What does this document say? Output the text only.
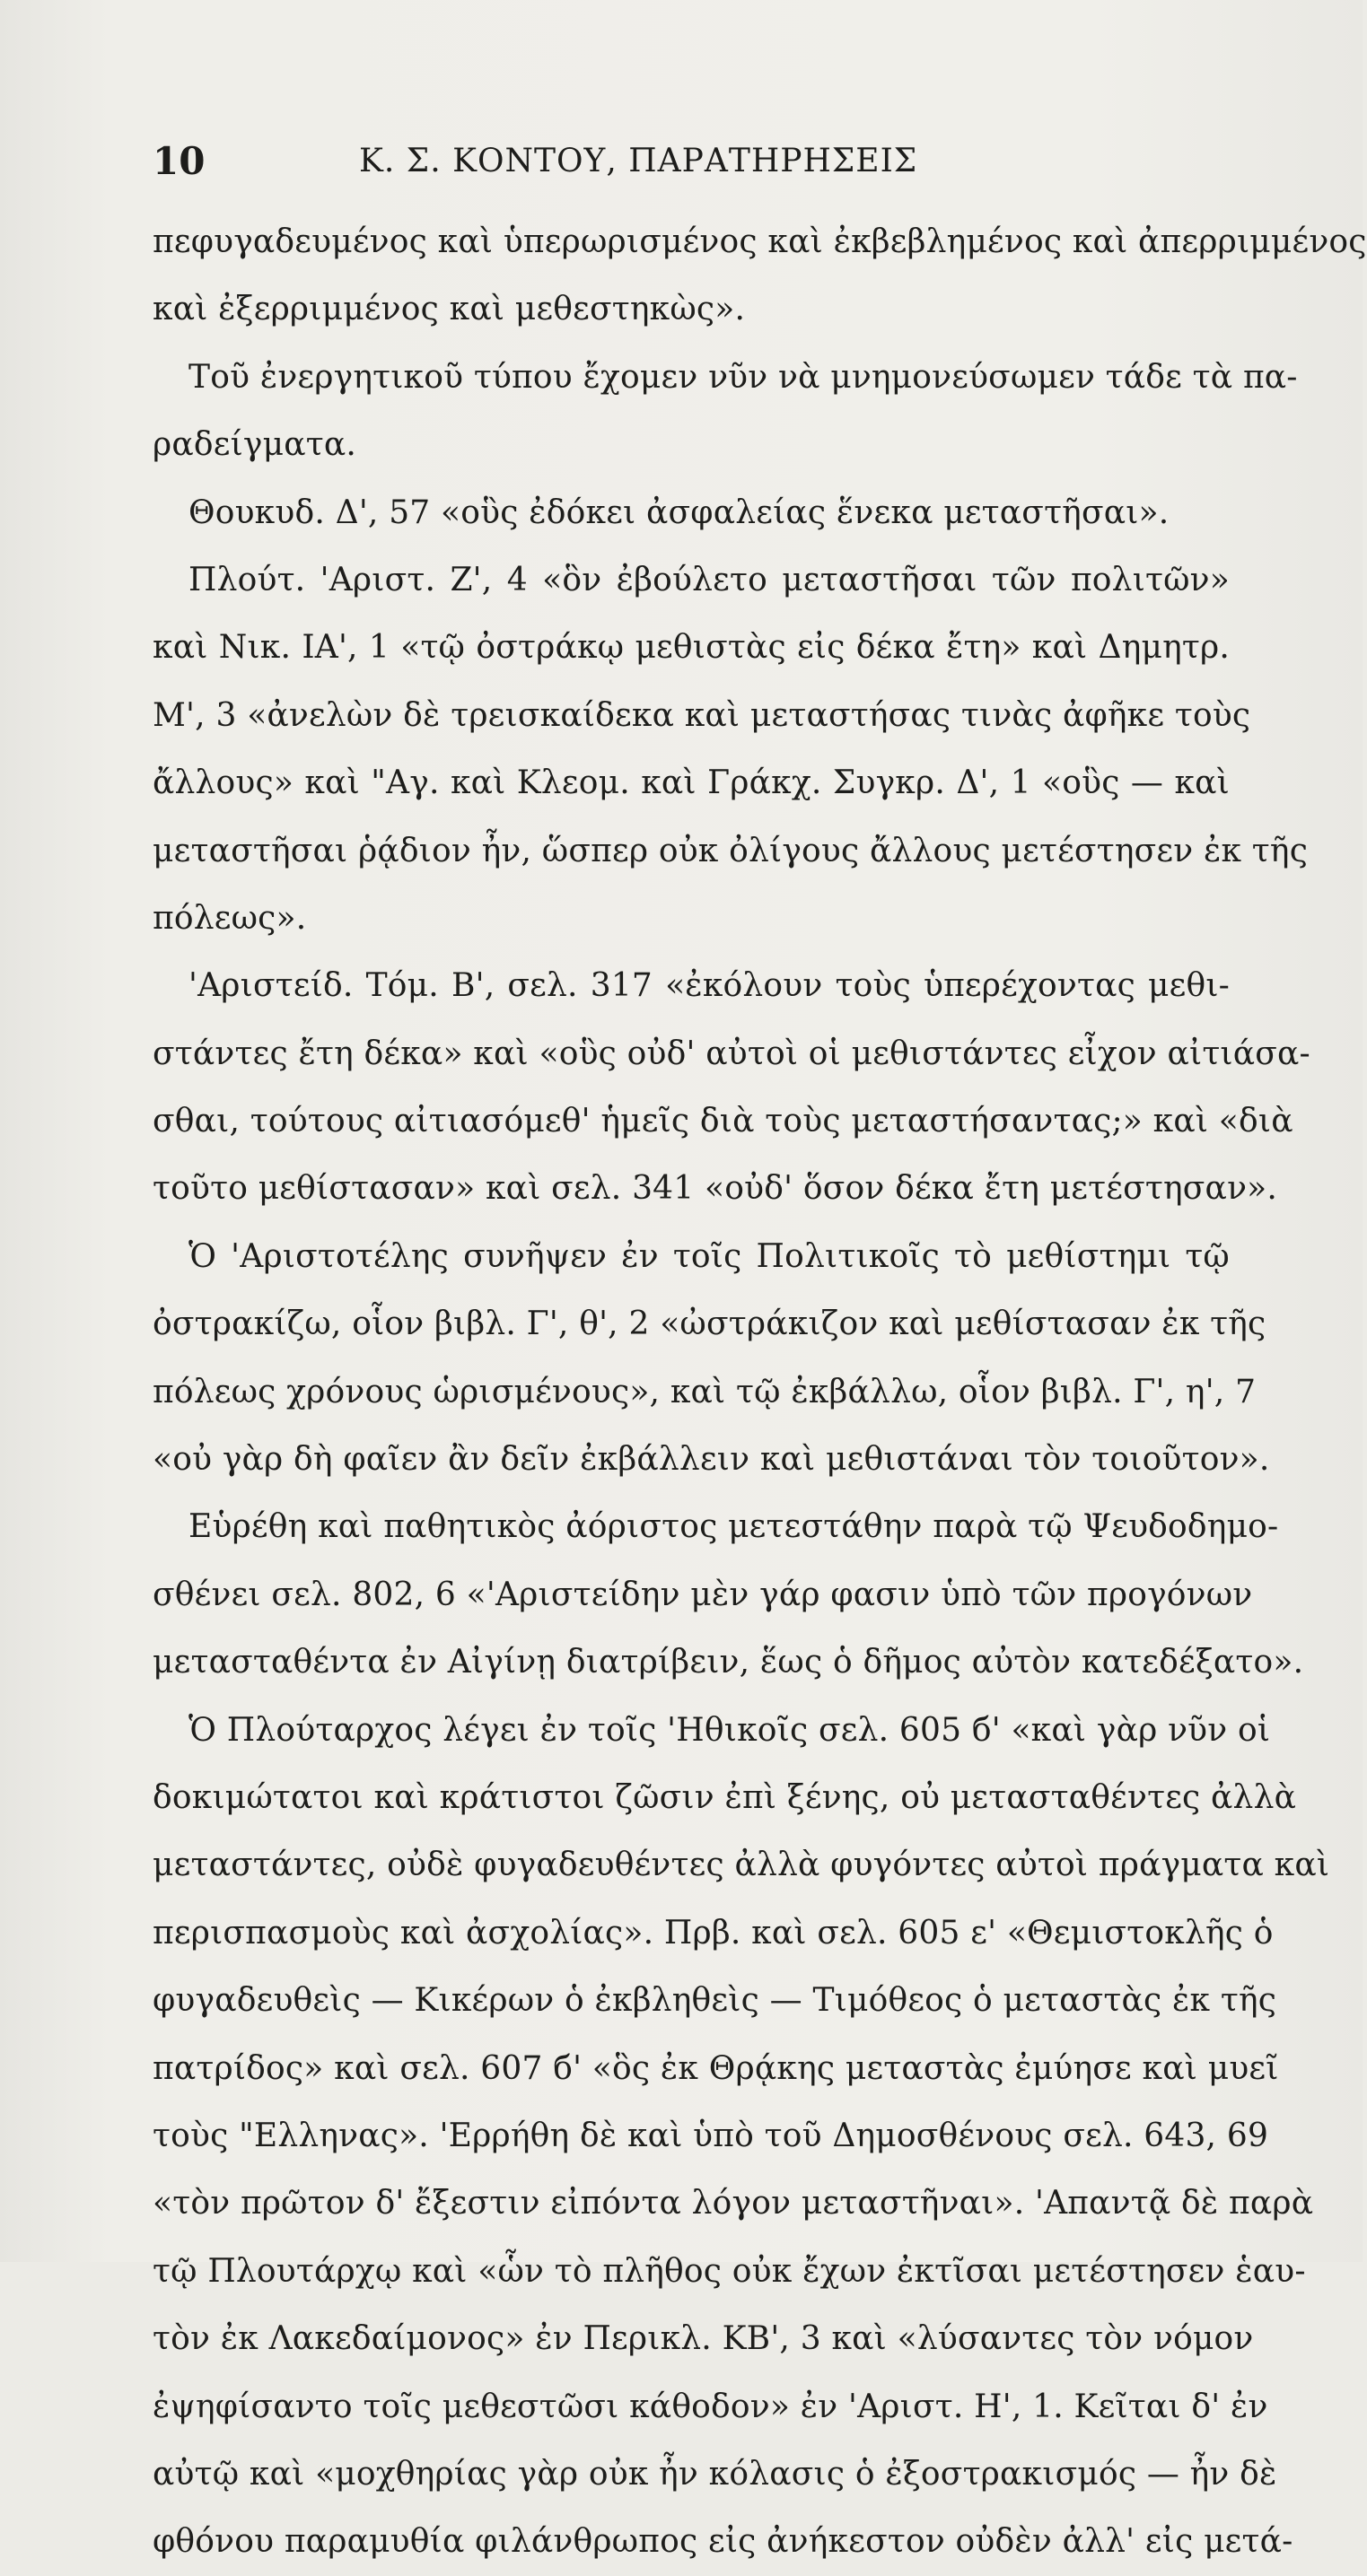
10	Κ. Σ. ΚΟΝΤΟΥ, ΠΑΡΑΤΗΡΗΣΕΙΣ
πεφυγαδευμένος καὶ ὑπερωρισμένος καὶ ἐκβεβλημένος καὶ ἀπερριμμένος
καὶ ἐξερριμμένος καὶ μεθεστηκὼς».
Τοῦ ἐνεργητικοῦ τύπου ἔχομεν νῦν νὰ μνημονεύσωμεν τάδε τὰ πα-
ραδείγματα.
Θουκυδ. Δ', 57 «οὓς ἐδόκει ἀσφαλείας ἕνεκα μεταστῆσαι».
Πλούτ. 'Αριστ. Ζ', 4 «ὃν ἐβούλετο μεταστῆσαι τῶν πολιτῶν»
καὶ Νικ. ΙΑ', 1 «τῷ ὀστράκῳ μεθιστὰς εἰς δέκα ἔτη» καὶ Δημητρ.
Μ', 3 «ἀνελὼν δὲ τρεισκαίδεκα καὶ μεταστήσας τινὰς ἀφῆκε τοὺς
ἄλλους» καὶ "Αγ. καὶ Κλεομ. καὶ Γράκχ. Συγκρ. Δ', 1 «οὓς — καὶ
μεταστῆσαι ῥᾴδιον ἦν, ὥσπερ οὐκ ὀλίγους ἄλλους μετέστησεν ἐκ τῆς
πόλεως».
'Αριστείδ. Τόμ. Β', σελ. 317 «ἐκόλουν τοὺς ὑπερέχοντας μεθι-
στάντες ἔτη δέκα» καὶ «οὓς οὐδ' αὐτοὶ οἱ μεθιστάντες εἶχον αἰτιάσα-
σθαι, τούτους αἰτιασόμεθ' ἡμεῖς διὰ τοὺς μεταστήσαντας;» καὶ «διὰ
τοῦτο μεθίστασαν» καὶ σελ. 341 «οὐδ' ὅσον δέκα ἔτη μετέστησαν».
Ὁ 'Αριστοτέλης συνῆψεν ἐν τοῖς Πολιτικοῖς τὸ μεθίστημι τῷ
ὀστρακίζω, οἷον βιβλ. Γ', θ', 2 «ὠστράκιζον καὶ μεθίστασαν ἐκ τῆς
πόλεως χρόνους ὡρισμένους», καὶ τῷ ἐκβάλλω, οἷον βιβλ. Γ', η', 7
«οὐ γὰρ δὴ φαῖεν ἂν δεῖν ἐκβάλλειν καὶ μεθιστάναι τὸν τοιοῦτον».
Εὑρέθη καὶ παθητικὸς ἀόριστος μετεστάθην παρὰ τῷ Ψευδοδημο-
σθένει σελ. 802, 6 «'Αριστείδην μὲν γάρ φασιν ὑπὸ τῶν προγόνων
μετασταθέντα ἐν Αἰγίνῃ διατρίβειν, ἕως ὁ δῆμος αὐτὸν κατεδέξατο».
Ὁ Πλούταρχος λέγει ἐν τοῖς 'Ηθικοῖς σελ. 605 б' «καὶ γὰρ νῦν οἱ
δοκιμώτατοι καὶ κράτιστοι ζῶσιν ἐπὶ ξένης, οὐ μετασταθέντες ἀλλὰ
μεταστάντες, οὐδὲ φυγαδευθέντες ἀλλὰ φυγόντες αὐτοὶ πράγματα καὶ
περισπασμοὺς καὶ ἀσχολίας». Πρβ. καὶ σελ. 605 ε' «Θεμιστοκλῆς ὁ
φυγαδευθεὶς — Κικέρων ὁ ἐκβληθεὶς — Τιμόθεος ὁ μεταστὰς ἐκ τῆς
πατρίδος» καὶ σελ. 607 б' «ὃς ἐκ Θρᾴκης μεταστὰς ἐμύησε καὶ μυεῖ
τοὺς "Ελληνας». 'Ερρήθη δὲ καὶ ὑπὸ τοῦ Δημοσθένους σελ. 643, 69
«τὸν πρῶτον δ' ἔξεστιν εἰπόντα λόγον μεταστῆναι». 'Απαντᾷ δὲ παρὰ
τῷ Πλουτάρχῳ καὶ «ὧν τὸ πλῆθος οὐκ ἔχων ἐκτῖσαι μετέστησεν ἑαυ-
τὸν ἐκ Λακεδαίμονος» ἐν Περικλ. ΚΒ', 3 καὶ «λύσαντες τὸν νόμον
ἐψηφίσαντο τοῖς μεθεστῶσι κάθοδον» ἐν 'Αριστ. Η', 1. Κεῖται δ' ἐν
αὐτῷ καὶ «μοχθηρίας γὰρ οὐκ ἦν κόλασις ὁ ἐξοστρακισμός — ἦν δὲ
φθόνου παραμυθία φιλάνθρωπος εἰς ἀνήκεστον οὐδὲν ἀλλ' εἰς μετά-
